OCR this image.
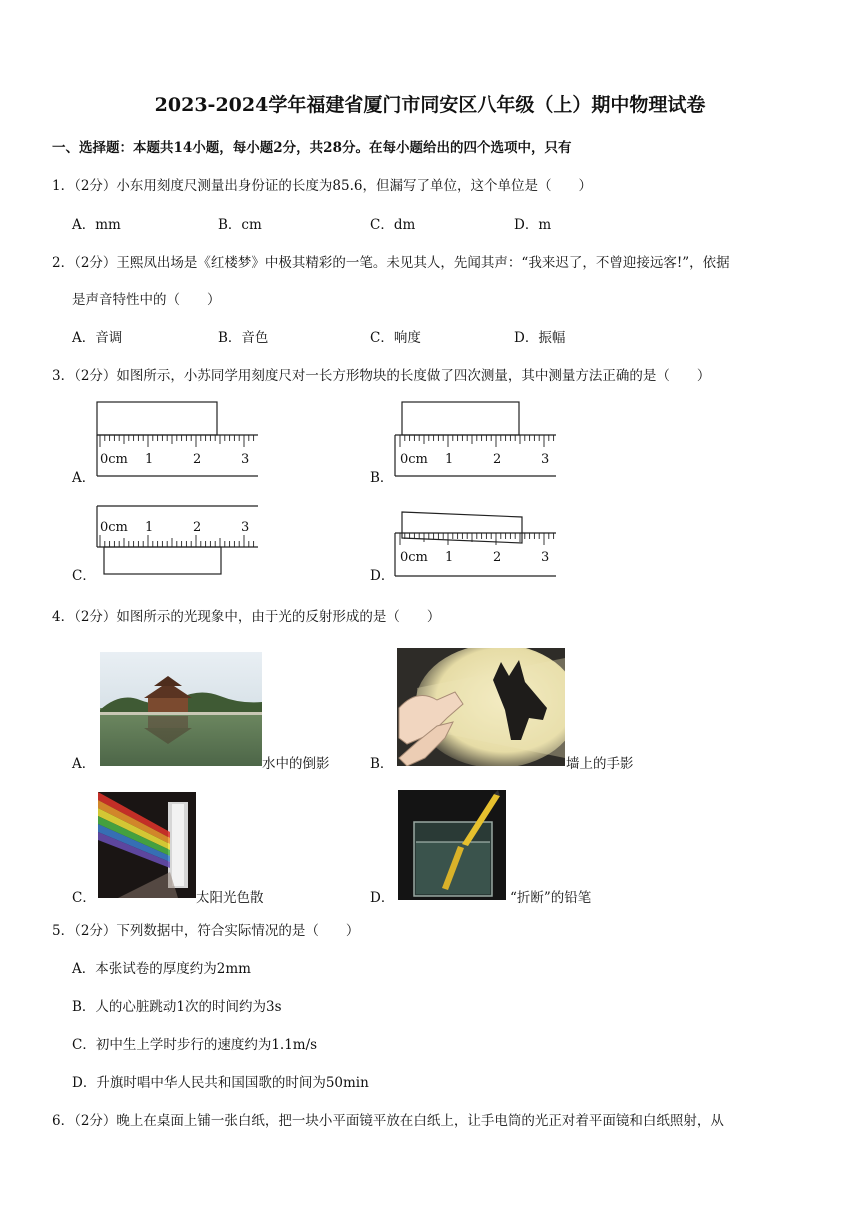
2023-2024学年福建省厦门市同安区八年级（上）期中物理试卷
一、选择题：本题共14小题，每小题2分，共28分。在每小题给出的四个选项中，只有
1．（2分）小东用刻度尺测量出身份证的长度为85.6，但漏写了单位，这个单位是（　　）
A．mm	B．cm	C．dm	D．m
2．（2分）王熙凤出场是《红楼梦》中极其精彩的一笔。未见其人，先闻其声：“我来迟了，不曾迎接远客!”，依据
是声音特性中的（　　）
A．音调	B．音色	C．响度	D．振幅
3．（2分）如图所示，小苏同学用刻度尺对一长方形物块的长度做了四次测量，其中测量方法正确的是（　　）
A．	B．
C．	D．
0cm 1	2	3	0cm 1	2	3
0cm 1	2	3
0cm 1	2	3
4．（2分）如图所示的光现象中，由于光的反射形成的是（　　）
A．	水中的倒影	B．	墙上的手影
C．	太阳光色散	D．	“折断”的铅笔
5．（2分）下列数据中，符合实际情况的是（　　）
A．本张试卷的厚度约为2mm
B．人的心脏跳动1次的时间约为3s
C．初中生上学时步行的速度约为1.1m/s
D．升旗时唱中华人民共和国国歌的时间为50min
6．（2分）晚上在桌面上铺一张白纸，把一块小平面镜平放在白纸上，让手电筒的光正对着平面镜和白纸照射，从
